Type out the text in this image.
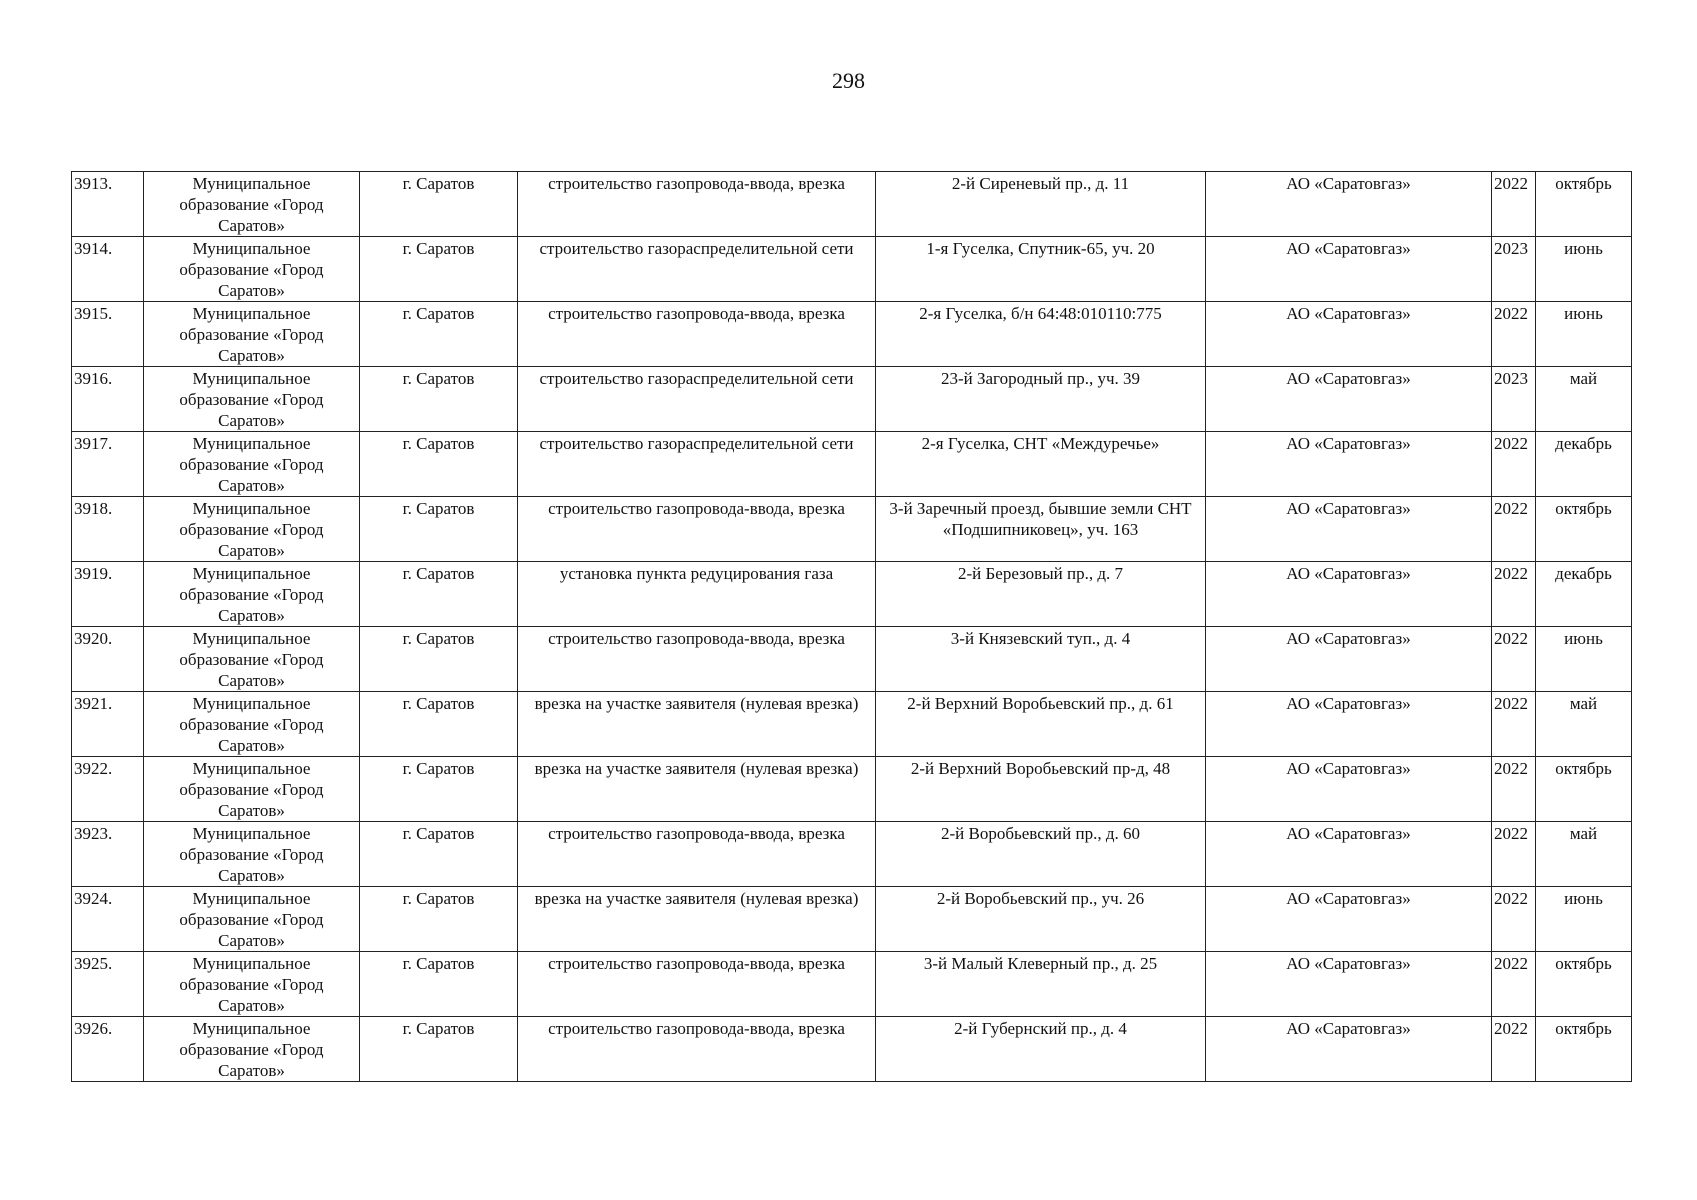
298
3913.	Муниципальное образование «Город Саратов»	г. Саратов	строительство газопровода-ввода, врезка	2-й Сиреневый пр., д. 11	АО «Саратовгаз»	2022	октябрь
3914.	Муниципальное образование «Город Саратов»	г. Саратов	строительство газораспределительной сети	1-я Гуселка, Спутник-65, уч. 20	АО «Саратовгаз»	2023	июнь
3915.	Муниципальное образование «Город Саратов»	г. Саратов	строительство газопровода-ввода, врезка	2-я Гуселка, б/н 64:48:010110:775	АО «Саратовгаз»	2022	июнь
3916.	Муниципальное образование «Город Саратов»	г. Саратов	строительство газораспределительной сети	23-й Загородный пр., уч. 39	АО «Саратовгаз»	2023	май
3917.	Муниципальное образование «Город Саратов»	г. Саратов	строительство газораспределительной сети	2-я Гуселка, СНТ «Междуречье»	АО «Саратовгаз»	2022	декабрь
3918.	Муниципальное образование «Город Саратов»	г. Саратов	строительство газопровода-ввода, врезка	3-й Заречный проезд, бывшие земли СНТ «Подшипниковец», уч. 163	АО «Саратовгаз»	2022	октябрь
3919.	Муниципальное образование «Город Саратов»	г. Саратов	установка пункта редуцирования газа	2-й Березовый пр., д. 7	АО «Саратовгаз»	2022	декабрь
3920.	Муниципальное образование «Город Саратов»	г. Саратов	строительство газопровода-ввода, врезка	3-й Князевский туп., д. 4	АО «Саратовгаз»	2022	июнь
3921.	Муниципальное образование «Город Саратов»	г. Саратов	врезка на участке заявителя (нулевая врезка)	2-й Верхний Воробьевский пр., д. 61	АО «Саратовгаз»	2022	май
3922.	Муниципальное образование «Город Саратов»	г. Саратов	врезка на участке заявителя (нулевая врезка)	2-й Верхний Воробьевский пр-д, 48	АО «Саратовгаз»	2022	октябрь
3923.	Муниципальное образование «Город Саратов»	г. Саратов	строительство газопровода-ввода, врезка	2-й Воробьевский пр., д. 60	АО «Саратовгаз»	2022	май
3924.	Муниципальное образование «Город Саратов»	г. Саратов	врезка на участке заявителя (нулевая врезка)	2-й Воробьевский пр., уч. 26	АО «Саратовгаз»	2022	июнь
3925.	Муниципальное образование «Город Саратов»	г. Саратов	строительство газопровода-ввода, врезка	3-й Малый Клеверный пр., д. 25	АО «Саратовгаз»	2022	октябрь
3926.	Муниципальное образование «Город Саратов»	г. Саратов	строительство газопровода-ввода, врезка	2-й Губернский пр., д. 4	АО «Саратовгаз»	2022	октябрь
